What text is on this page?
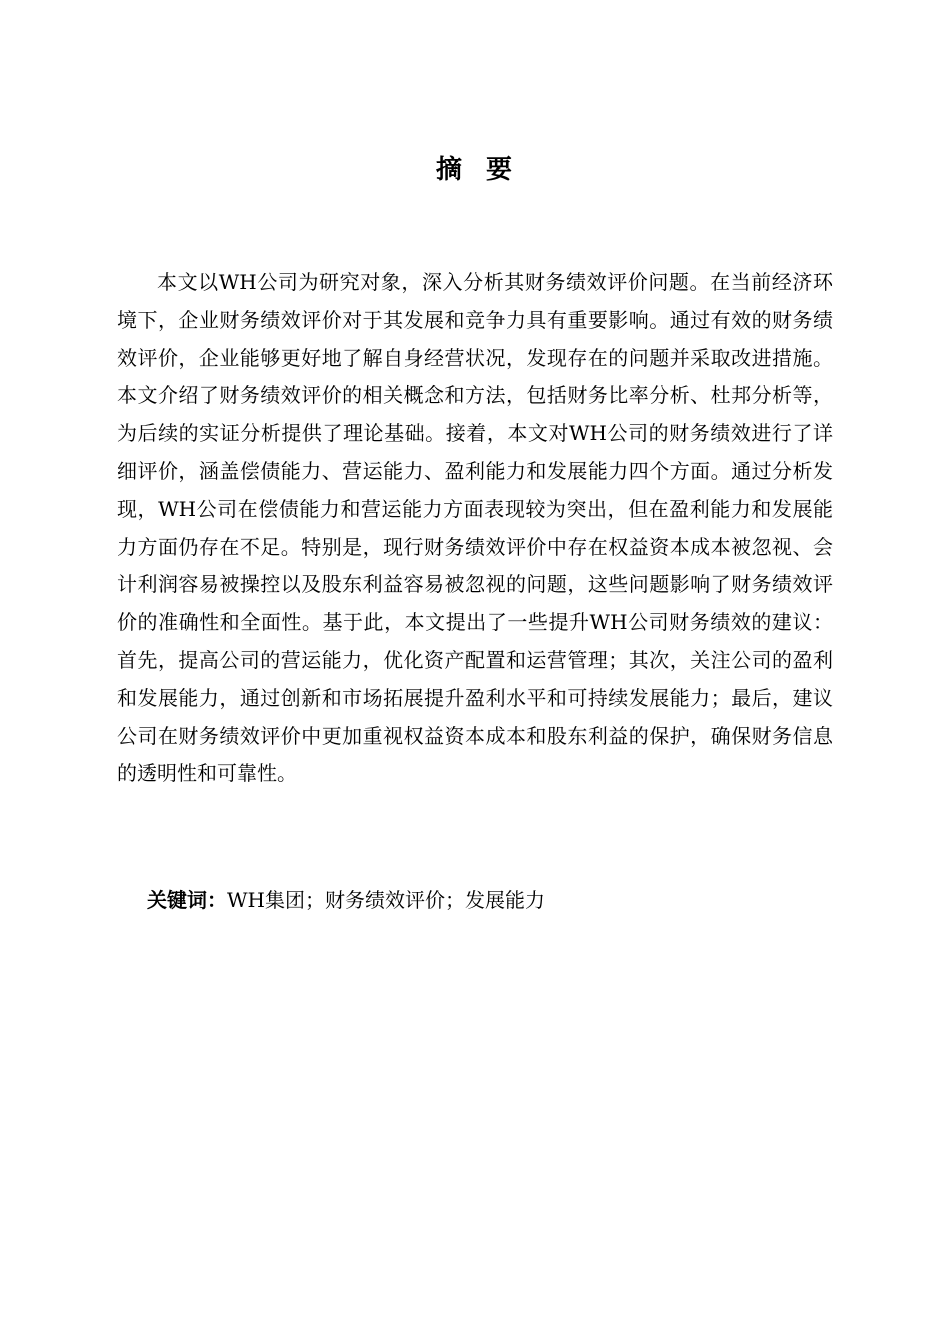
摘  要

本文以WH公司为研究对象，深入分析其财务绩效评价问题。在当前经济环境下，企业财务绩效评价对于其发展和竞争力具有重要影响。通过有效的财务绩效评价，企业能够更好地了解自身经营状况，发现存在的问题并采取改进措施。本文介绍了财务绩效评价的相关概念和方法，包括财务比率分析、杜邦分析等，为后续的实证分析提供了理论基础。接着，本文对WH公司的财务绩效进行了详细评价，涵盖偿债能力、营运能力、盈利能力和发展能力四个方面。通过分析发现，WH公司在偿债能力和营运能力方面表现较为突出，但在盈利能力和发展能力方面仍存在不足。特别是，现行财务绩效评价中存在权益资本成本被忽视、会计利润容易被操控以及股东利益容易被忽视的问题，这些问题影响了财务绩效评价的准确性和全面性。基于此，本文提出了一些提升WH公司财务绩效的建议：首先，提高公司的营运能力，优化资产配置和运营管理；其次，关注公司的盈利和发展能力，通过创新和市场拓展提升盈利水平和可持续发展能力；最后，建议公司在财务绩效评价中更加重视权益资本成本和股东利益的保护，确保财务信息的透明性和可靠性。

关键词：WH集团；财务绩效评价；发展能力
